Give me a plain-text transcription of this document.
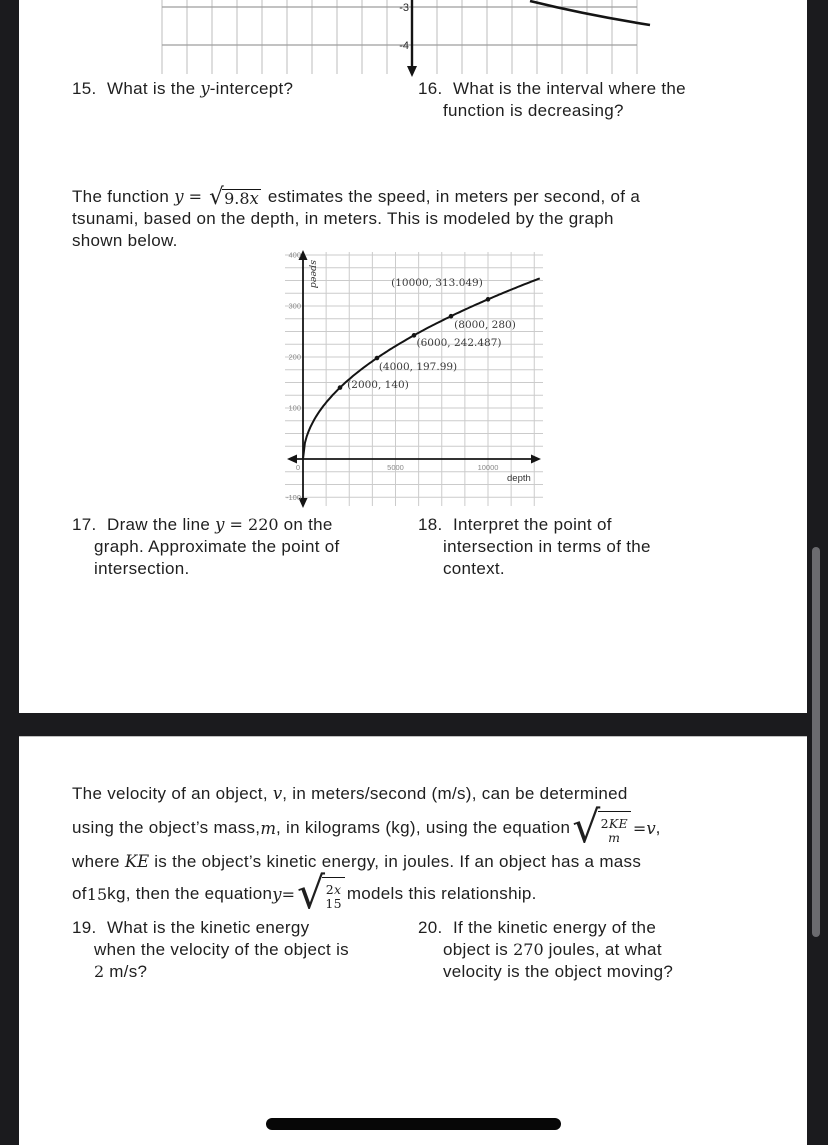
-3
-4
15. What is the y-intercept?	16. What is the interval where the
function is decreasing?
The function y = √ 9.8x estimates the speed, in meters per second, of a
tsunami, based on the depth, in meters. This is modeled by the graph
shown below.
(2000, 140)
(4000, 197.99)
(6000, 242.487)
(8000, 280)
(10000, 313.049)
400
300
200
100
-100
0	5000	10000
depth
speed
17. Draw the line y = 220 on the
graph. Approximate the point of
intersection.
18. Interpret the point of
intersection in terms of the
context.
The velocity of an object, v, in meters/second (m/s), can be determined
using the object’s mass, m , in kilograms (kg), using the equation √ 2KE
m = v ,
where KE is the object’s kinetic energy, in joules. If an object has a mass
of 15 kg, then the equation y = √ 2x
15
models this relationship.
19. What is the kinetic energy
when the velocity of the object is
2 m/s?
20. If the kinetic energy of the
object is 270 joules, at what
velocity is the object moving?
